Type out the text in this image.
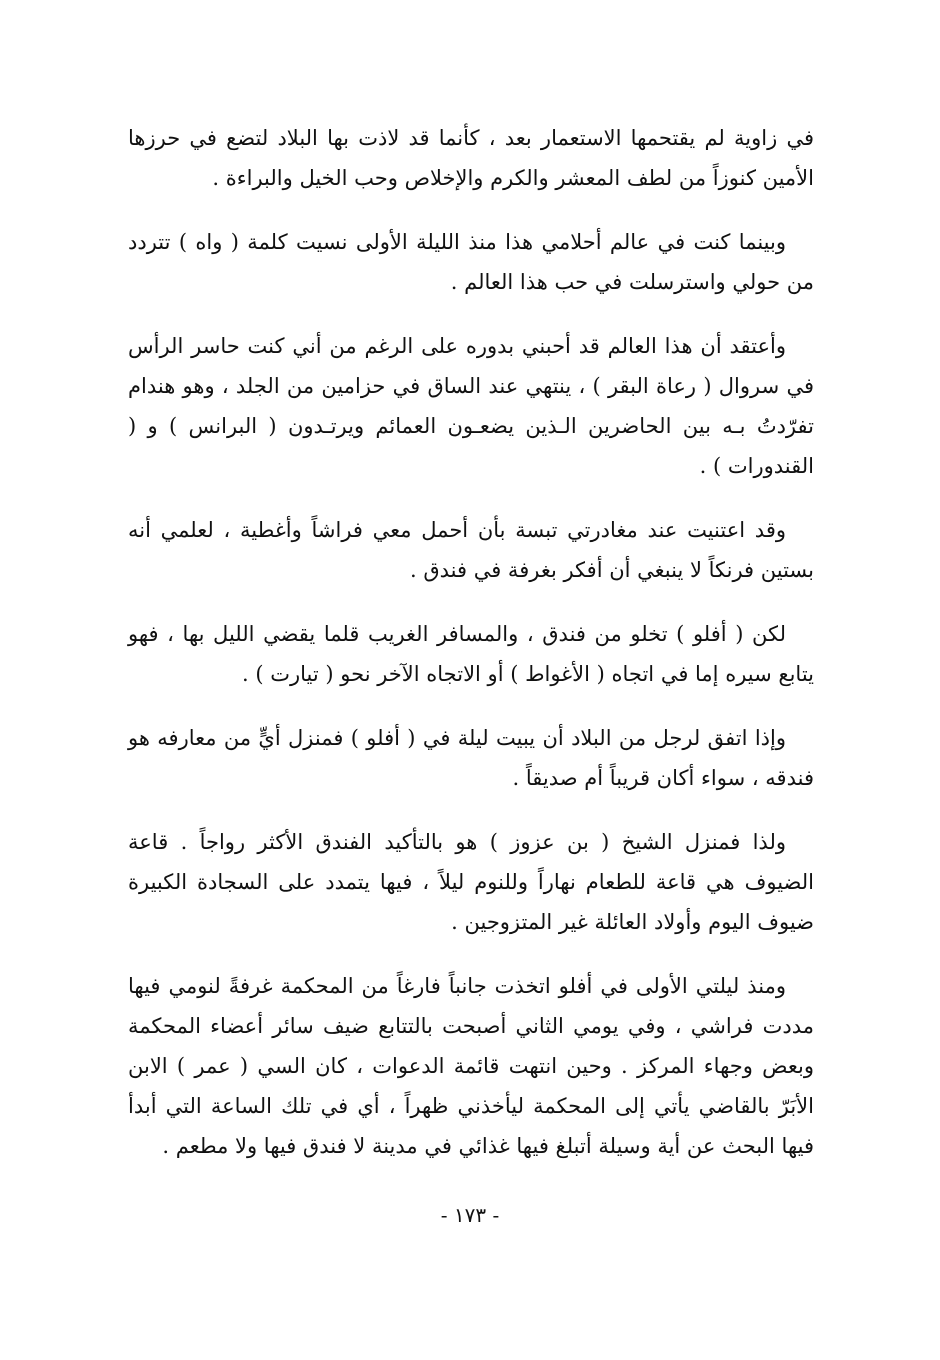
في زاوية لم يقتحمها الاستعمار بعد ، كأنما قد لاذت بها البلاد لتضع في حرزها الأمين كنوزاً من لطف المعشر والكرم والإخلاص وحب الخيل والبراءة .

وبينما كنت في عالم أحلامي هذا منذ الليلة الأولى نسيت كلمة ( واه ) تتردد من حولي واسترسلت في حب هذا العالم .

وأعتقد أن هذا العالم قد أحبني بدوره على الرغم من أني كنت حاسر الرأس في سروال ( رعاة البقر ) ، ينتهي عند الساق في حزامين من الجلد ، وهو هندام تفرّدتُ بـه بين الحاضرين الـذين يضعـون العمائم ويرتـدون ( البرانس ) و ( القندورات ) .

وقد اعتنيت عند مغادرتي تبسة بأن أحمل معي فراشاً وأغطية ، لعلمي أنه بستين فرنكاً لا ينبغي أن أفكر بغرفة في فندق .

لكن ( أفلو ) تخلو من فندق ، والمسافر الغريب قلما يقضي الليل بها ، فهو يتابع سيره إما في اتجاه ( الأغواط ) أو الاتجاه الآخر نحو ( تيارت ) .

وإذا اتفق لرجل من البلاد أن يبيت ليلة في ( أفلو ) فمنزل أيٍّ من معارفه هو فندقه ، سواء أكان قريباً أم صديقاً .

ولذا فمنزل الشيخ ( بن عزوز ) هو بالتأكيد الفندق الأكثر رواجاً . قاعة الضيوف هي قاعة للطعام نهاراً وللنوم ليلاً ، فيها يتمدد على السجادة الكبيرة ضيوف اليوم وأولاد العائلة غير المتزوجين .

ومنذ ليلتي الأولى في أفلو اتخذت جانباً فارغاً من المحكمة غرفةً لنومي فيها مددت فراشي ، وفي يومي الثاني أصبحت بالتتابع ضيف سائر أعضاء المحكمة وبعض وجهاء المركز . وحين انتهت قائمة الدعوات ، كان السي ( عمر ) الابن الأبَرّ بالقاضي يأتي إلى المحكمة ليأخذني ظهراً ، أي في تلك الساعة التي أبدأ فيها البحث عن أية وسيلة أتبلغ فيها غذائي في مدينة لا فندق فيها ولا مطعم .

- ١٧٣ -
